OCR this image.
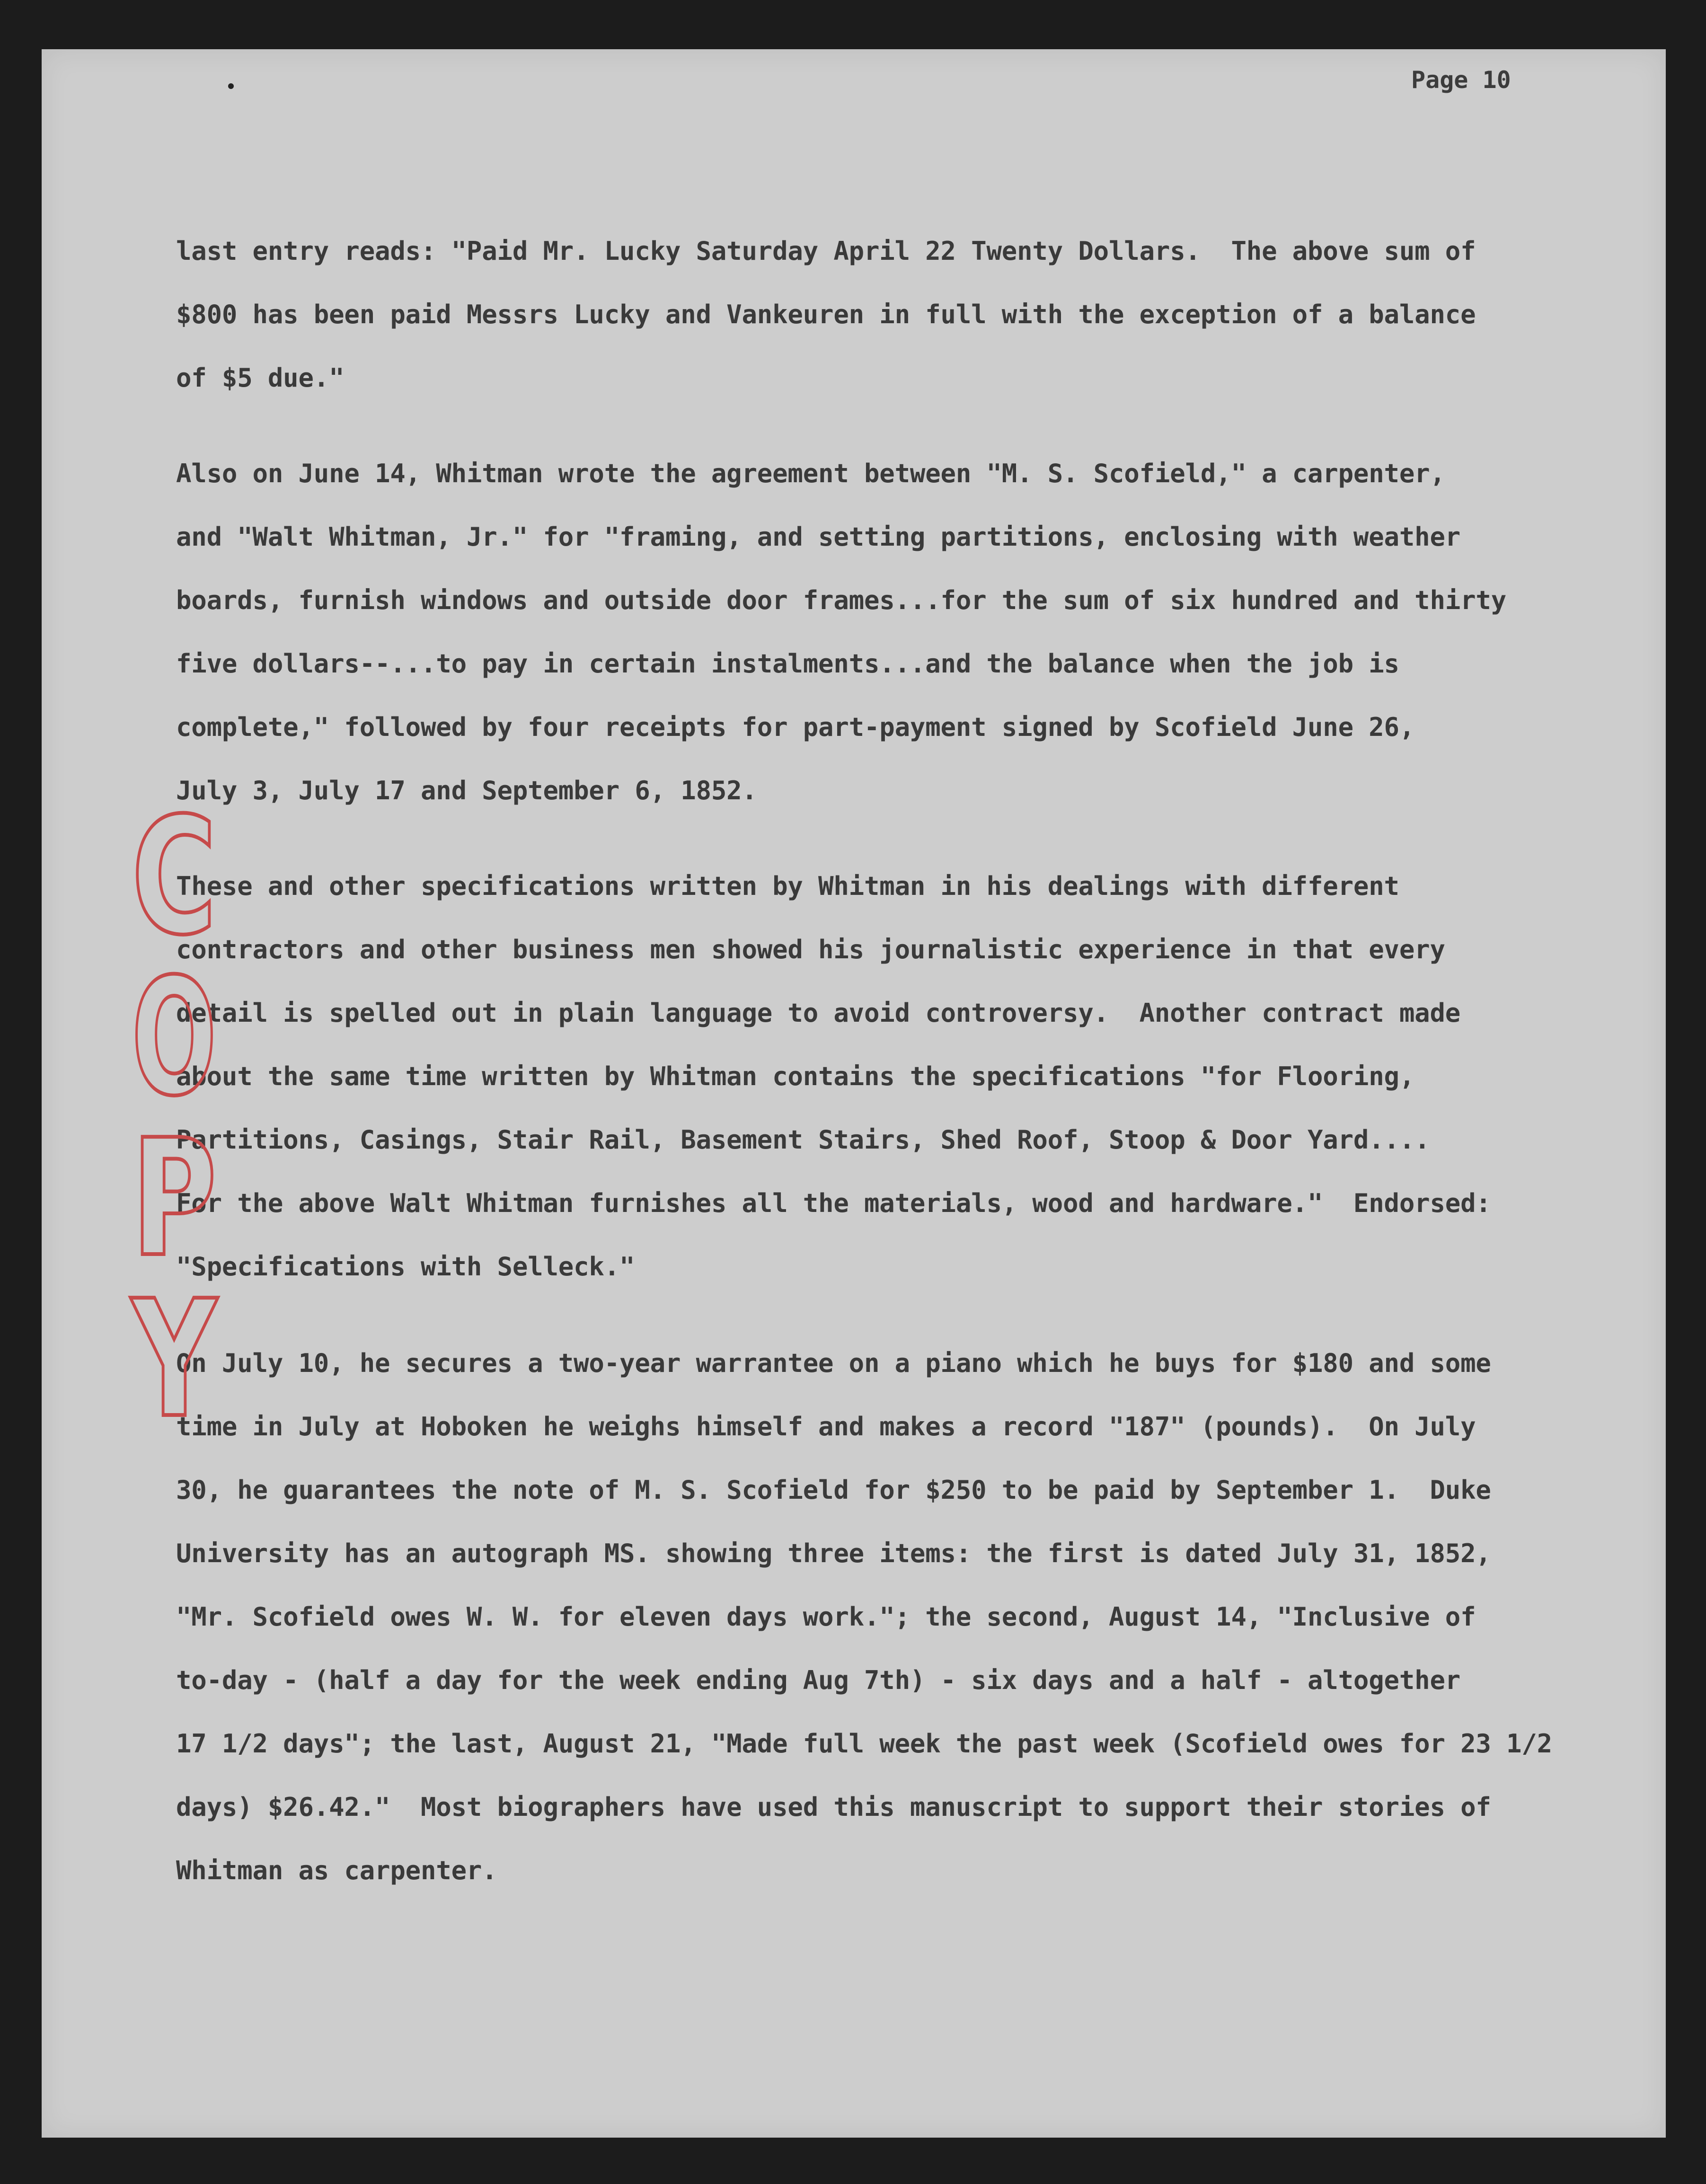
Page 10

last entry reads: "Paid Mr. Lucky Saturday April 22 Twenty Dollars.  The above sum of

$800 has been paid Messrs Lucky and Vankeuren in full with the exception of a balance

of $5 due."

Also on June 14, Whitman wrote the agreement between "M. S. Scofield," a carpenter,

and "Walt Whitman, Jr." for "framing, and setting partitions, enclosing with weather

boards, furnish windows and outside door frames...for the sum of six hundred and thirty

five dollars--...to pay in certain instalments...and the balance when the job is

complete," followed by four receipts for part-payment signed by Scofield June 26,

July 3, July 17 and September 6, 1852.

These and other specifications written by Whitman in his dealings with different

contractors and other business men showed his journalistic experience in that every

detail is spelled out in plain language to avoid controversy.  Another contract made

about the same time written by Whitman contains the specifications "for Flooring,

Partitions, Casings, Stair Rail, Basement Stairs, Shed Roof, Stoop & Door Yard....

For the above Walt Whitman furnishes all the materials, wood and hardware."  Endorsed:

"Specifications with Selleck."

On July 10, he secures a two-year warrantee on a piano which he buys for $180 and some

time in July at Hoboken he weighs himself and makes a record "187" (pounds).  On July

30, he guarantees the note of M. S. Scofield for $250 to be paid by September 1.  Duke

University has an autograph MS. showing three items: the first is dated July 31, 1852,

"Mr. Scofield owes W. W. for eleven days work."; the second, August 14, "Inclusive of

to-day - (half a day for the week ending Aug 7th) - six days and a half - altogether

17 1/2 days"; the last, August 21, "Made full week the past week (Scofield owes for 23 1/2

days) $26.42."  Most biographers have used this manuscript to support their stories of

Whitman as carpenter.

C
O
P
Y
